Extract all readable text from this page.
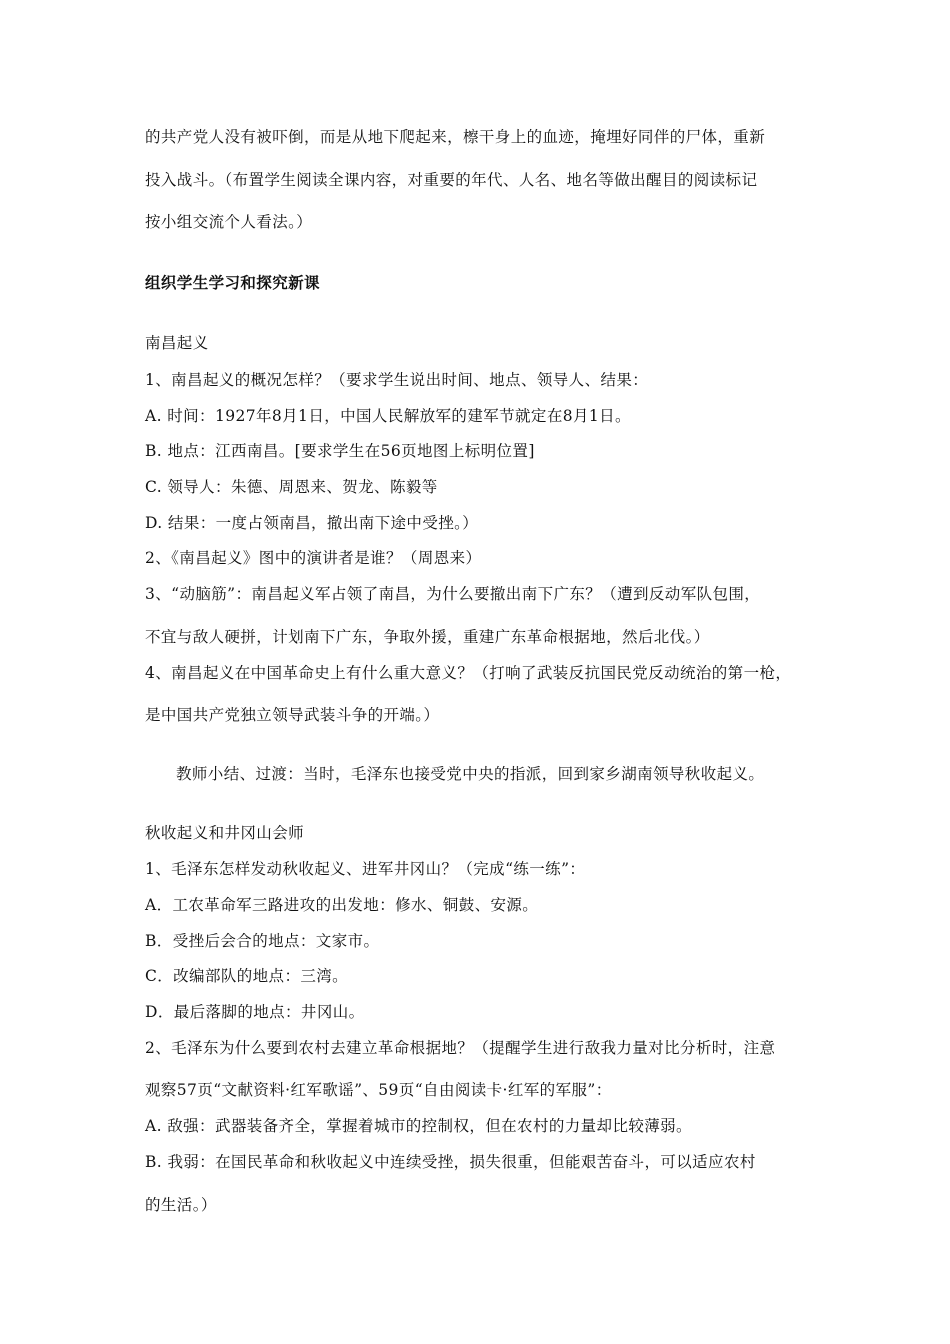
的共产党人没有被吓倒，而是从地下爬起来，檫干身上的血迹，掩埋好同伴的尸体，重新
投入战斗。（布置学生阅读全课内容，对重要的年代、人名、地名等做出醒目的阅读标记
按小组交流个人看法。）
组织学生学习和探究新课
南昌起义
1、南昌起义的概况怎样？（要求学生说出时间、地点、领导人、结果：
A. 时间：1927年8月1日，中国人民解放军的建军节就定在8月1日。
B. 地点：江西南昌。[要求学生在56页地图上标明位置]
C. 领导人：朱德、周恩来、贺龙、陈毅等
D. 结果：一度占领南昌，撤出南下途中受挫。）
2、《南昌起义》图中的演讲者是谁？（周恩来）
3、“动脑筋”：南昌起义军占领了南昌，为什么要撤出南下广东？（遭到反动军队包围，
不宜与敌人硬拼，计划南下广东，争取外援，重建广东革命根据地，然后北伐。）
4、南昌起义在中国革命史上有什么重大意义？（打响了武装反抗国民党反动统治的第一枪，
是中国共产党独立领导武装斗争的开端。）
教师小结、过渡：当时，毛泽东也接受党中央的指派，回到家乡湖南领导秋收起义。
秋收起义和井冈山会师
1、毛泽东怎样发动秋收起义、进军井冈山？（完成“练一练”：
A．工农革命军三路进攻的出发地：修水、铜鼓、安源。
B．受挫后会合的地点：文家市。
C．改编部队的地点：三湾。
D．最后落脚的地点：井冈山。
2、毛泽东为什么要到农村去建立革命根据地？（提醒学生进行敌我力量对比分析时，注意
观察57页“文献资料·红军歌谣”、59页“自由阅读卡·红军的军服”：
A. 敌强：武器装备齐全，掌握着城市的控制权，但在农村的力量却比较薄弱。
B. 我弱：在国民革命和秋收起义中连续受挫，损失很重，但能艰苦奋斗，可以适应农村
的生活。）
